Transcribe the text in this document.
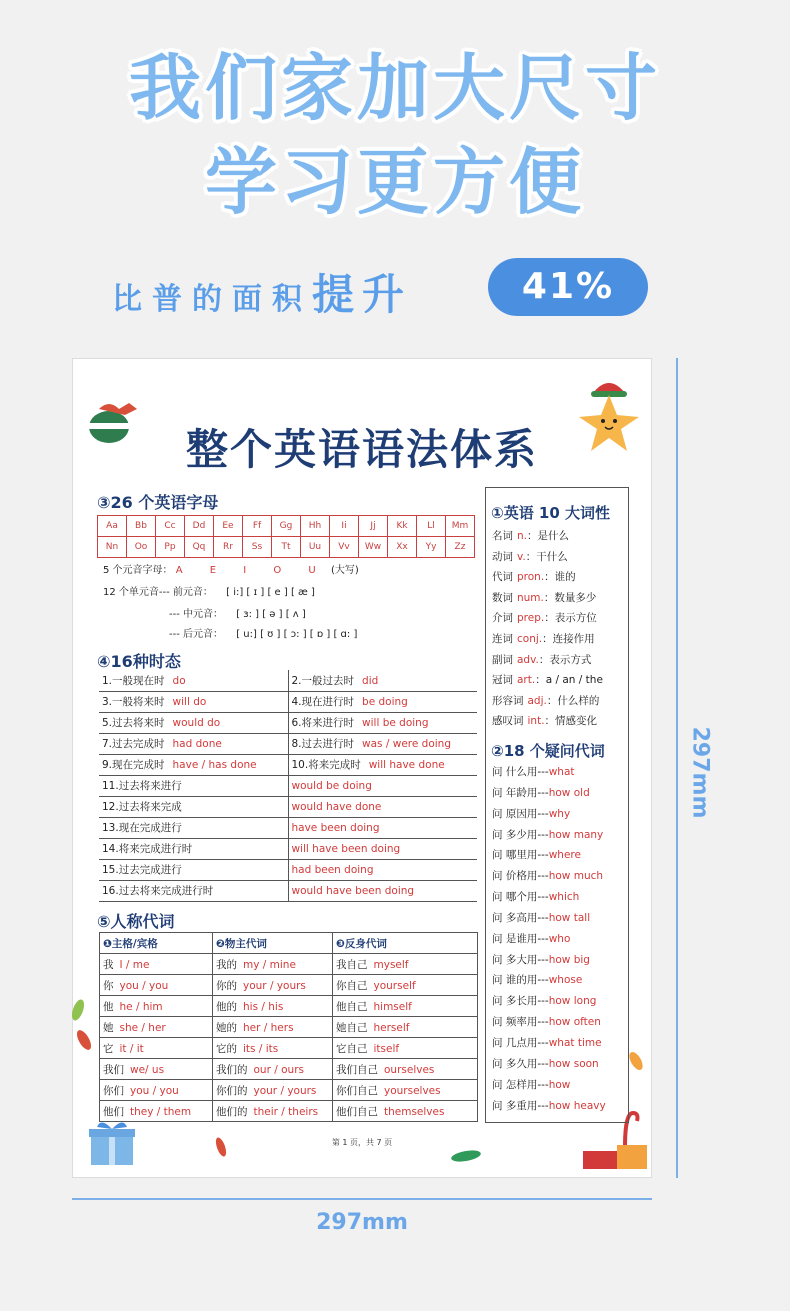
我们家加大尺寸
学习更方便
比普的面积提升	41%
297mm
297mm
整个英语语法体系
③26 个英语字母
Aa	Bb	Cc	Dd	Ee	Ff	Gg	Hh	Ii	Jj	Kk	Ll	Mm
Nn	Oo	Pp	Qq	Rr	Ss	Tt	Uu	Vv	Ww	Xx	Yy	Zz
5 个元音字母： A E I O U (大写)
12 个单元音--- 前元音： [ i:] [ ɪ ] [ e ] [ æ ]
--- 中元音： [ ɜ: ] [ ə ] [ ʌ ]
--- 后元音： [ u:] [ ʊ ] [ ɔ: ] [ ɒ ] [ ɑ: ]
④16种时态
1.一般现在时 do	2.一般过去时 did
3.一般将来时 will do	4.现在进行时 be doing
5.过去将来时 would do	6.将来进行时 will be doing
7.过去完成时 had done	8.过去进行时 was / were doing
9.现在完成时 have / has done	10.将来完成时 will have done
11.过去将来进行	would be doing
12.过去将来完成	would have done
13.现在完成进行	have been doing
14.将来完成进行时	will have been doing
15.过去完成进行	had been doing
16.过去将来完成进行时	would have been doing
⑤人称代词
❶主格/宾格	❷物主代词	❸反身代词
我 I / me	我的 my / mine	我自己 myself
你 you / you	你的 your / yours	你自己 yourself
他 he / him	他的 his / his	他自己 himself
她 she / her	她的 her / hers	她自己 herself
它 it / it	它的 its / its	它自己 itself
我们 we/ us	我们的 our / ours	我们自己 ourselves
你们 you / you	你们的 your / yours	你们自己 yourselves
他们 they / them	他们的 their / theirs	他们自己 themselves
①英语 10 大词性
名词 n.：是什么
动词 v.：干什么
代词 pron.：谁的
数词 num.：数量多少
介词 prep.：表示方位
连词 conj.：连接作用
副词 adv.：表示方式
冠词 art.：a / an / the
形容词 adj.：什么样的
感叹词 int.：情感变化
②18 个疑问代词
问 什么用---what
问 年龄用---how old
问 原因用---why
问 多少用---how many
问 哪里用---where
问 价格用---how much
问 哪个用---which
问 多高用---how tall
问 是谁用---who
问 多大用---how big
问 谁的用---whose
问 多长用---how long
问 频率用---how often
问 几点用---what time
问 多久用---how soon
问 怎样用---how
问 多重用---how heavy
第 1 页，共 7 页
